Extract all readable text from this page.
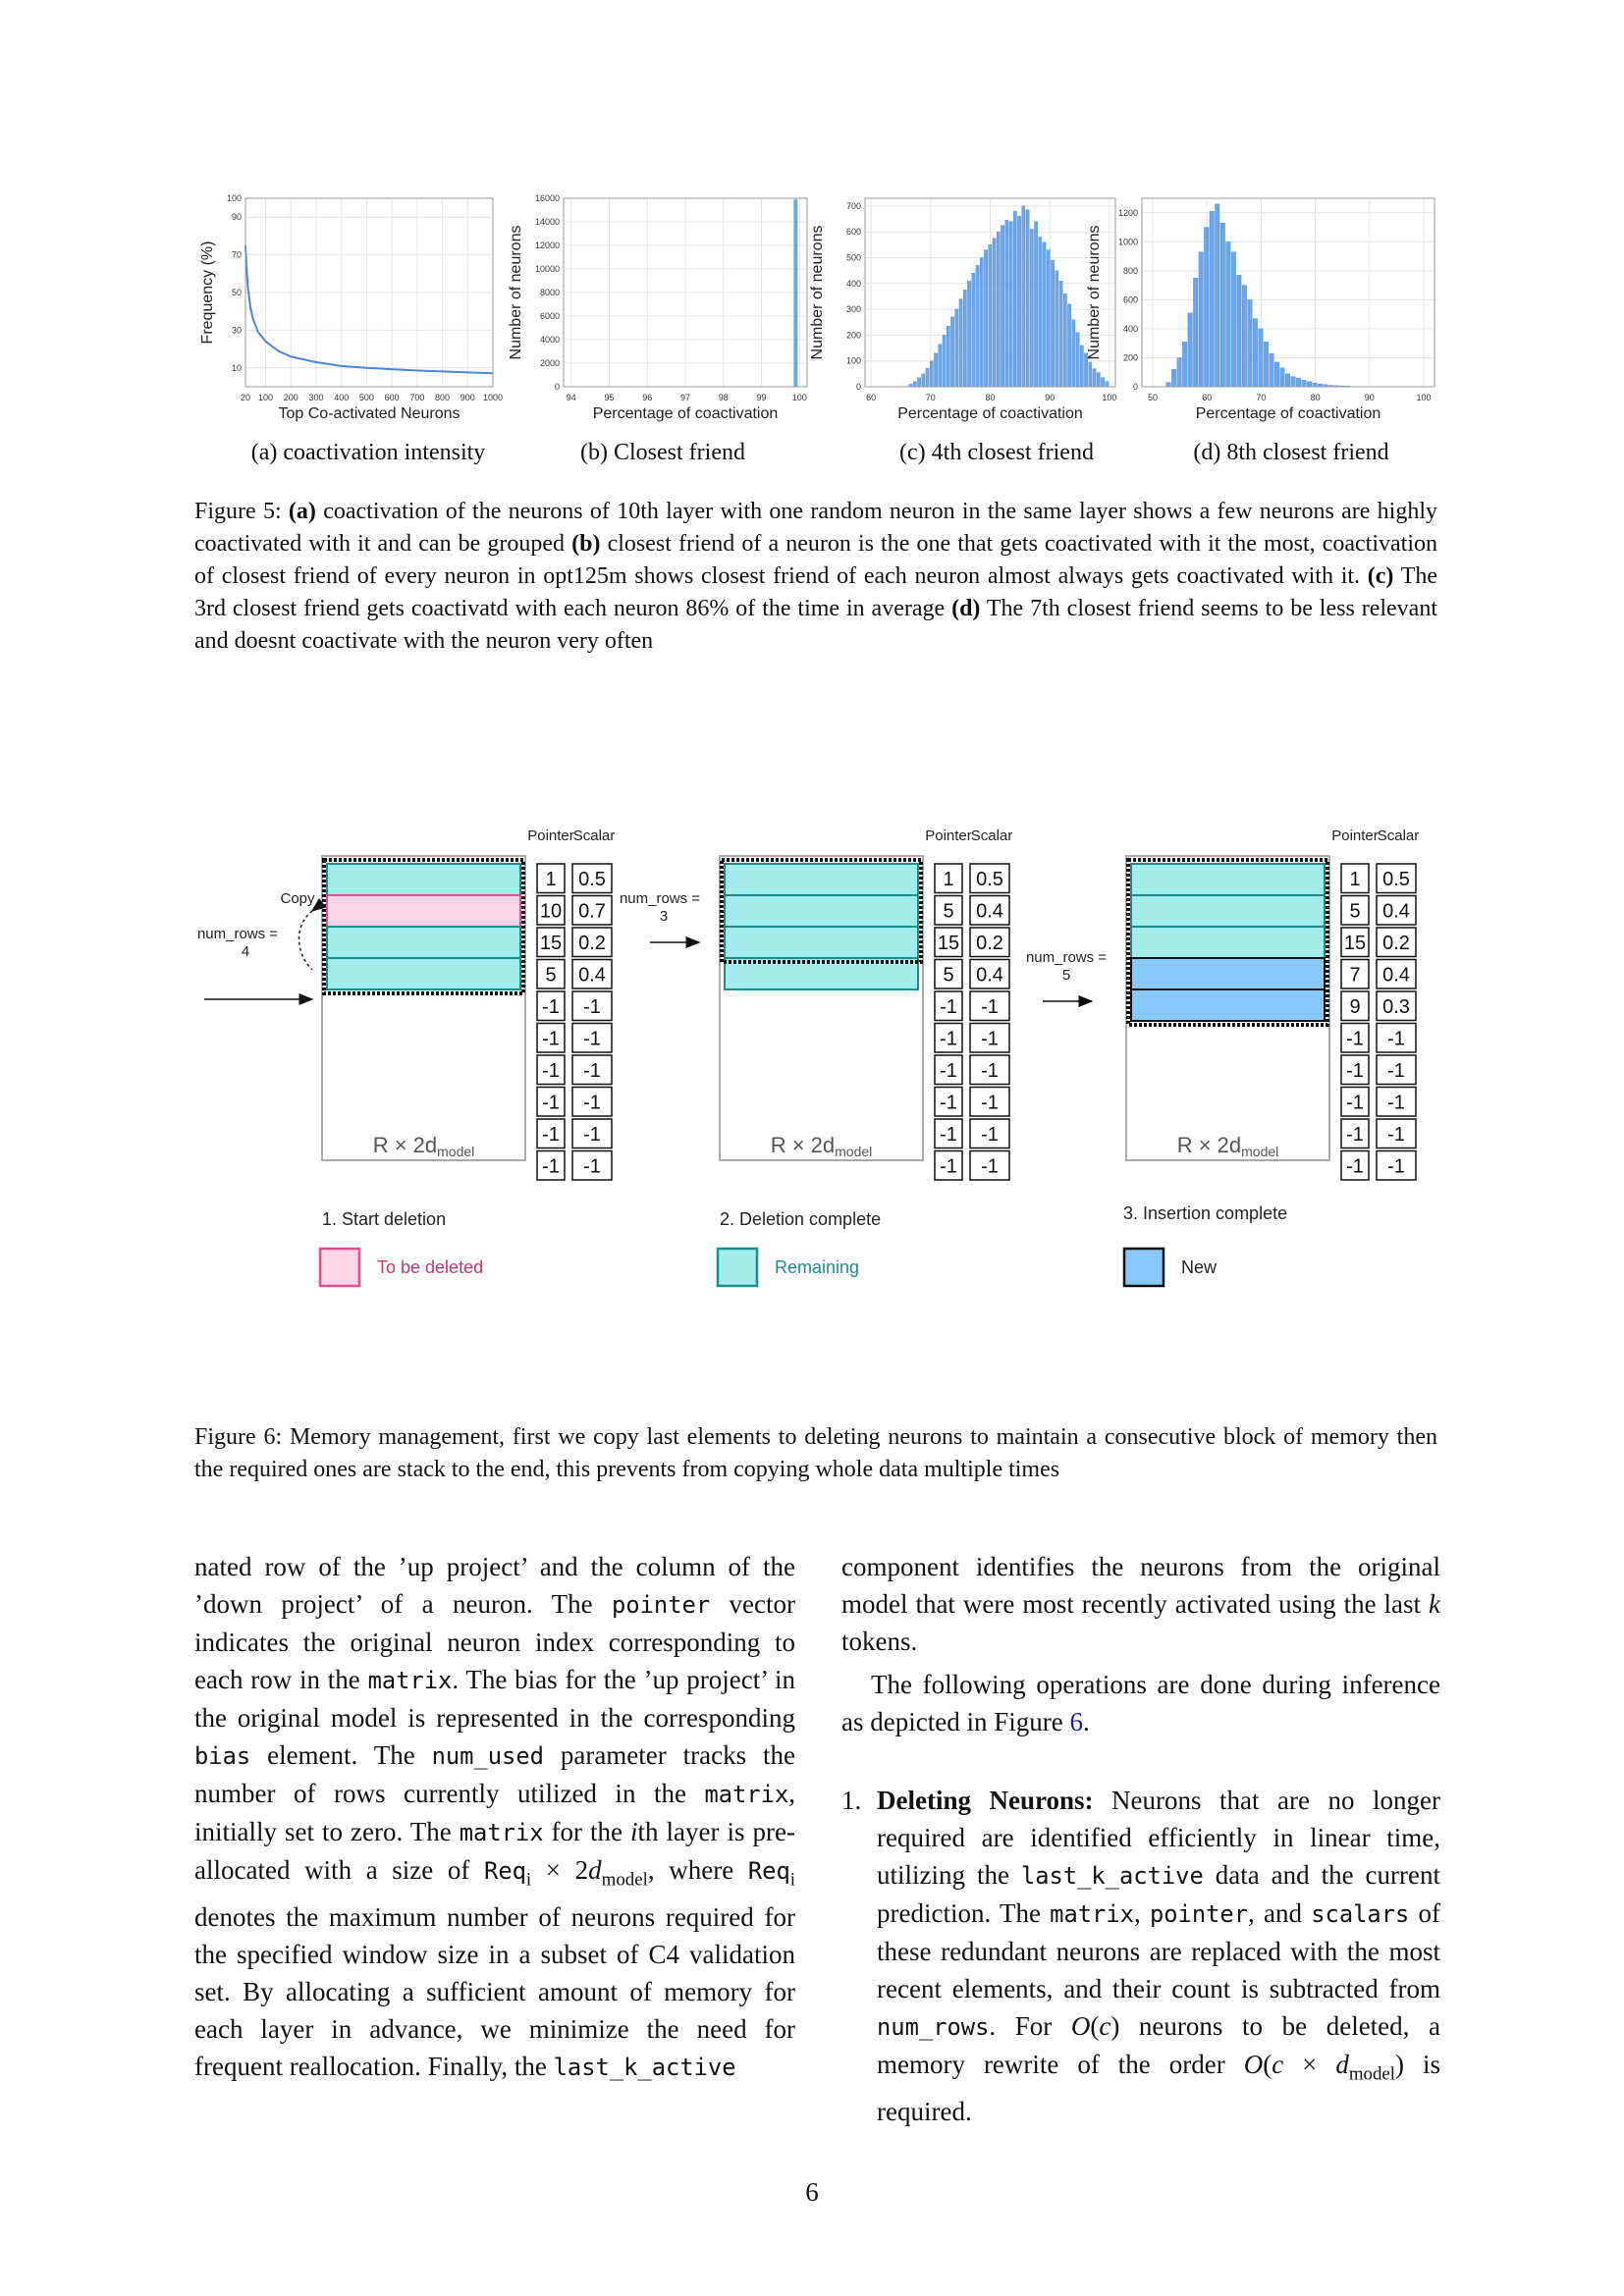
10
30
50
70
90
100
20 100 200 300 400 500 600 700 800 900 1000
Top Co-activated Neurons
Frequency (%)
0
2000
4000
6000
8000
10000
12000
14000
16000
94	95	96	97	98	99	100
Percentage of coactivation
Number of neurons
0
100
200
300
400
500
600
700
60	70	80	90	100
Percentage of coactivation
Number of neurons
0
200
400
600
800
1000
1200
50	60	70	80	90	100
Percentage of coactivation
Number of neurons
(a) coactivation intensity	(b) Closest friend	(c) 4th closest friend	(d) 8th closest friend
Figure 5: (a) coactivation of the neurons of 10th layer with one random neuron in the same layer shows a few neurons are highly coactivated with it and can be grouped (b) closest friend of a neuron is the one that gets coactivated with it the most, coactivation of closest friend of every neuron in opt125m shows closest friend of each neuron almost always gets coactivated with it. (c) The 3rd closest friend gets coactivatd with each neuron 86% of the time in average (d) The 7th closest friend seems to be less relevant and doesnt coactivate with the neuron very often
R × 2dmodel
Pointer
Scalar
1 0.5
10 0.7
15 0.2
5 0.4
-1 -1
-1 -1
-1 -1
-1 -1
-1 -1
-1 -1
1. Start deletion
To be deleted
R × 2dmodel
Pointer
Scalar
1 0.5
5 0.4
15 0.2
5 0.4
-1 -1
-1 -1
-1 -1
-1 -1
-1 -1
-1 -1
2. Deletion complete
Remaining
R × 2dmodel
Pointer
Scalar
1 0.5
5 0.4
15 0.2
7 0.4
9 0.3
-1 -1
-1 -1
-1 -1
-1 -1
-1 -1
3. Insertion complete
New
Copy
num_rows =
4
num_rows =
3
num_rows =
5
Figure 6: Memory management, first we copy last elements to deleting neurons to maintain a consecutive block of memory then the required ones are stack to the end, this prevents from copying whole data multiple times

nated row of the ’up project’ and the column of the ’down project’ of a neuron. The pointer vector indicates the original neuron index corresponding to each row in the matrix. The bias for the ’up project’ in the original model is represented in the corresponding bias element. The num_used parameter tracks the number of rows currently utilized in the matrix, initially set to zero. The matrix for the ith layer is pre-allocated with a size of $Req_i \times 2d_{model}$, where Req$_i$ denotes the maximum number of neurons required for the specified window size in a subset of C4 validation set. By allocating a sufficient amount of memory for each layer in advance, we minimize the need for frequent reallocation. Finally, the last_k_active

component identifies the neurons from the original model that were most recently activated using the last k tokens.

The following operations are done during inference as depicted in Figure 6.

1. Deleting Neurons: Neurons that are no longer required are identified efficiently in linear time, utilizing the last_k_active data and the current prediction. The matrix, pointer, and scalars of these redundant neurons are replaced with the most recent elements, and their count is subtracted from num_rows. For O(c) neurons to be deleted, a memory rewrite of the order $O(c \times d_{model})$ is required.

6
